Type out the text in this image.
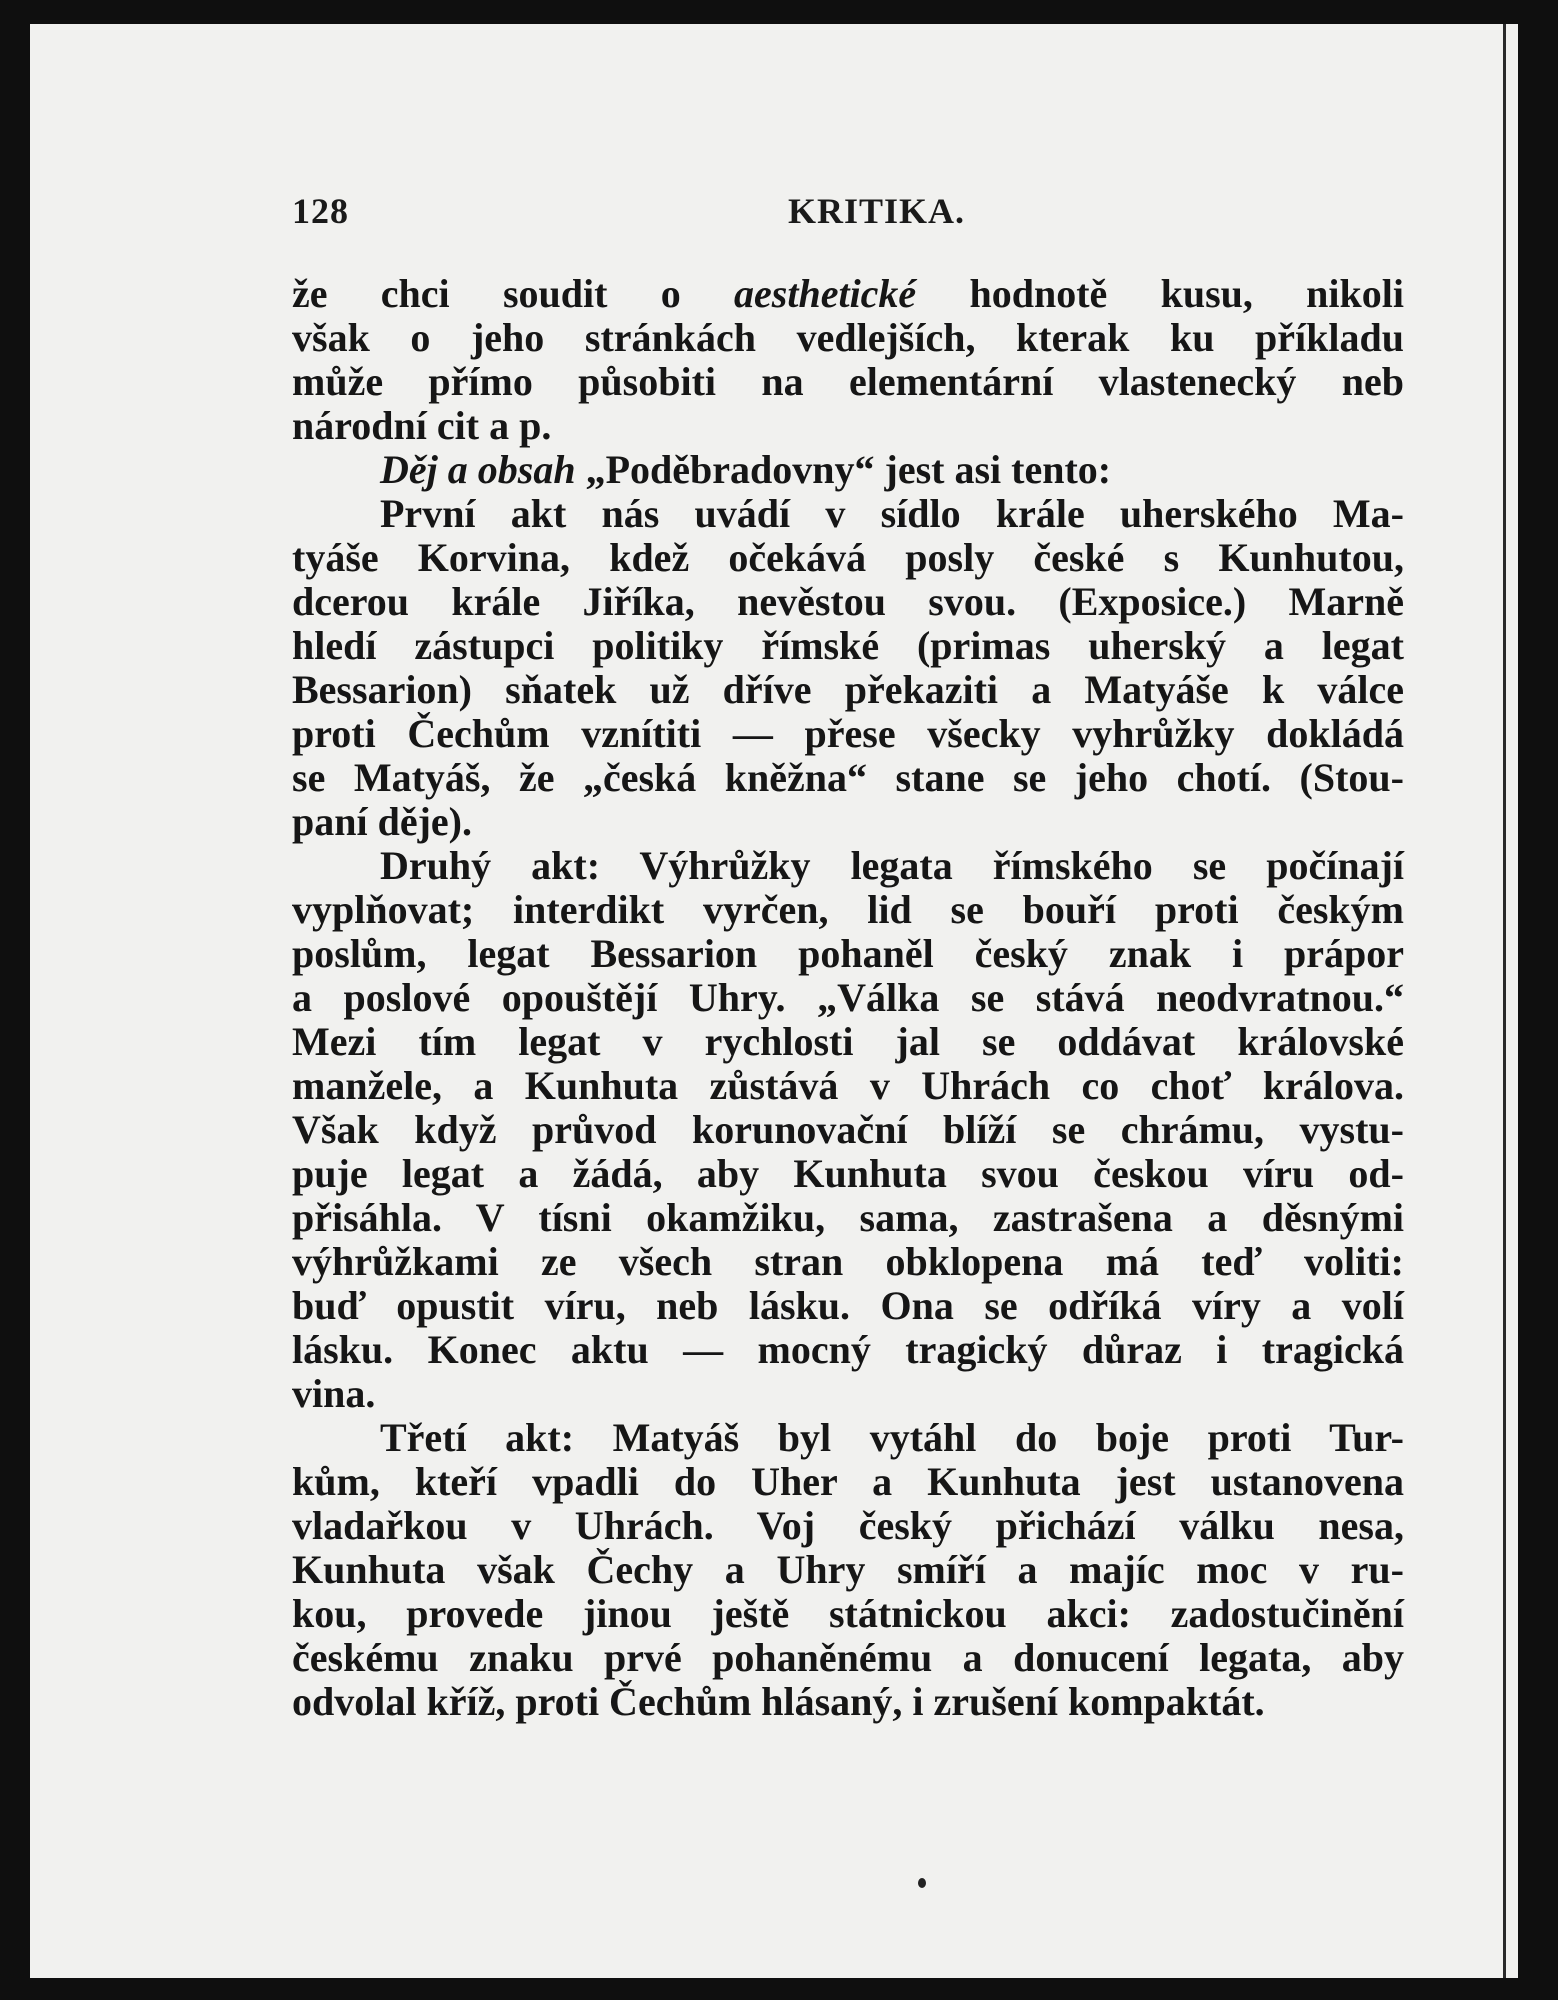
128	KRITIKA.
že chci soudit o aesthetické hodnotě kusu, nikoli
však o jeho stránkách vedlejších, kterak ku příkladu
může přímo působiti na elementární vlastenecký neb
národní cit a p.
Děj a obsah „Poděbradovny“ jest asi tento:
První akt nás uvádí v sídlo krále uherského Ma-
tyáše Korvina, kdež očekává posly české s Kunhutou,
dcerou krále Jiříka, nevěstou svou. (Exposice.) Marně
hledí zástupci politiky římské (primas uherský a legat
Bessarion) sňatek už dříve překaziti a Matyáše k válce
proti Čechům vznítiti — přese všecky vyhrůžky dokládá
se Matyáš, že „česká kněžna“ stane se jeho chotí. (Stou-
paní děje).
Druhý akt: Výhrůžky legata římského se počínají
vyplňovat; interdikt vyrčen, lid se bouří proti českým
poslům, legat Bessarion pohaněl český znak i prápor
a poslové opouštějí Uhry. „Válka se stává neodvratnou.“
Mezi tím legat v rychlosti jal se oddávat královské
manžele, a Kunhuta zůstává v Uhrách co choť králova.
Však když průvod korunovační blíží se chrámu, vystu-
puje legat a žádá, aby Kunhuta svou českou víru od-
přisáhla. V tísni okamžiku, sama, zastrašena a děsnými
výhrůžkami ze všech stran obklopena má teď voliti:
buď opustit víru, neb lásku. Ona se odříká víry a volí
lásku. Konec aktu — mocný tragický důraz i tragická
vina.
Třetí akt: Matyáš byl vytáhl do boje proti Tur-
kům, kteří vpadli do Uher a Kunhuta jest ustanovena
vladařkou v Uhrách. Voj český přichází válku nesa,
Kunhuta však Čechy a Uhry smíří a majíc moc v ru-
kou, provede jinou ještě státnickou akci: zadostučinění
českému znaku prvé pohaněnému a donucení legata, aby
odvolal kříž, proti Čechům hlásaný, i zrušení kompaktát.
